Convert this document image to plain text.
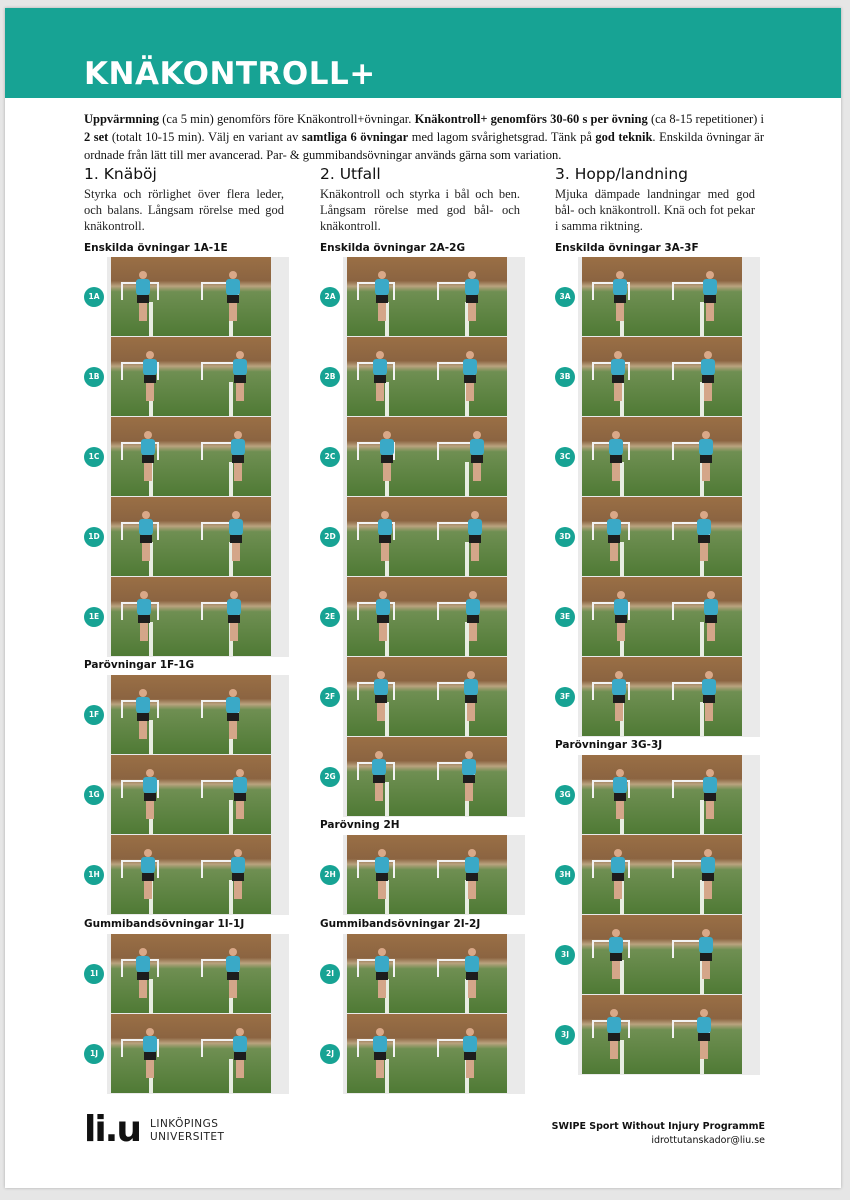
KNÄKONTROLL+
Uppvärmning (ca 5 min) genomförs före Knäkontroll+övningar. Knäkontroll+ genomförs 30-60 s per övning (ca 8-15 repetitioner) i 2 set (totalt 10-15 min). Välj en variant av samtliga 6 övningar med lagom svårighetsgrad. Tänk på god teknik. Enskilda övningar är ordnade från lätt till mer avancerad. Par- & gummibandsövningar används gärna som variation.
1. Knäböj
Styrka och rörlighet över flera leder, och balans. Långsam rörelse med god knäkontroll.
Enskilda övningar 1A-1E
1A
1B
1C
1D
1E
Parövningar 1F-1G
1F
1G
1H
Gummibandsövningar 1I-1J
1I
1J
2. Utfall
Knäkontroll och styrka i bål och ben. Långsam rörelse med god bål- och knäkontroll.
Enskilda övningar 2A-2G
2A
2B
2C
2D
2E
2F
2G
Parövning 2H
2H
Gummibandsövningar 2I-2J
2I
2J
3. Hopp/landning
Mjuka dämpade landningar med god bål- och knäkontroll. Knä och fot pekar i samma riktning.
Enskilda övningar 3A-3F
3A
3B
3C
3D
3E
3F
Parövningar 3G-3J
3G
3H
3I
3J
li.u LINKÖPINGS
UNIVERSITET
SWIPE Sport Without Injury ProgrammE
idrottutanskador@liu.se
